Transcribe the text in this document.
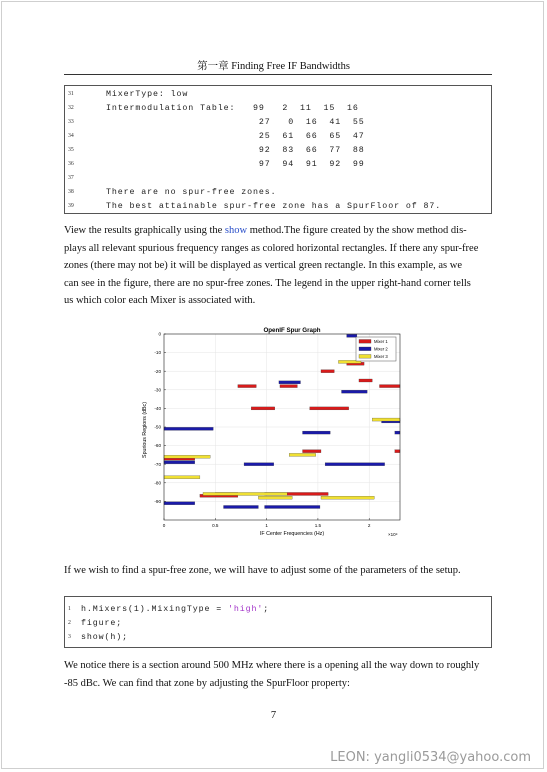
第一章 Finding Free IF Bandwidths
31	MixerType: low
32	Intermodulation Table:   99   2  11  15  16
33	27   0  16  41  55
34	25  61  66  65  47
35	92  83  66  77  88
36	97  94  91  92  99
37
38	There are no spur-free zones.
39	The best attainable spur-free zone has a SpurFloor of 87.
View the results graphically using the show method.The figure created by the show method dis-
plays all relevant spurious frequency ranges as colored horizontal rectangles. If there any spur-free
zones (there may not be) it will be displayed as vertical green rectangle. In this example, as we
can see in the figure, there are no spur-free zones. The legend in the upper right-hand corner tells
us which color each Mixer is associated with.
0	0.5	1	1.5	2
0
-10
-20
-30
-40
-50
-60
-70
-80
-90
OpenIF Spur Graph
IF Center Frequencies (Hz)	×10⁹
Spurious Regions (dBc)
Mixer 1
Mixer 2
Mixer 3
If we wish to find a spur-free zone, we will have to adjust some of the parameters of the setup.
1	h.Mixers(1).MixingType = 'high';
2	figure;
3	show(h);
We notice there is a section around 500 MHz where there is a opening all the way down to roughly
-85 dBc. We can find that zone by adjusting the SpurFloor property:
7
LEON: yangli0534@yahoo.com
